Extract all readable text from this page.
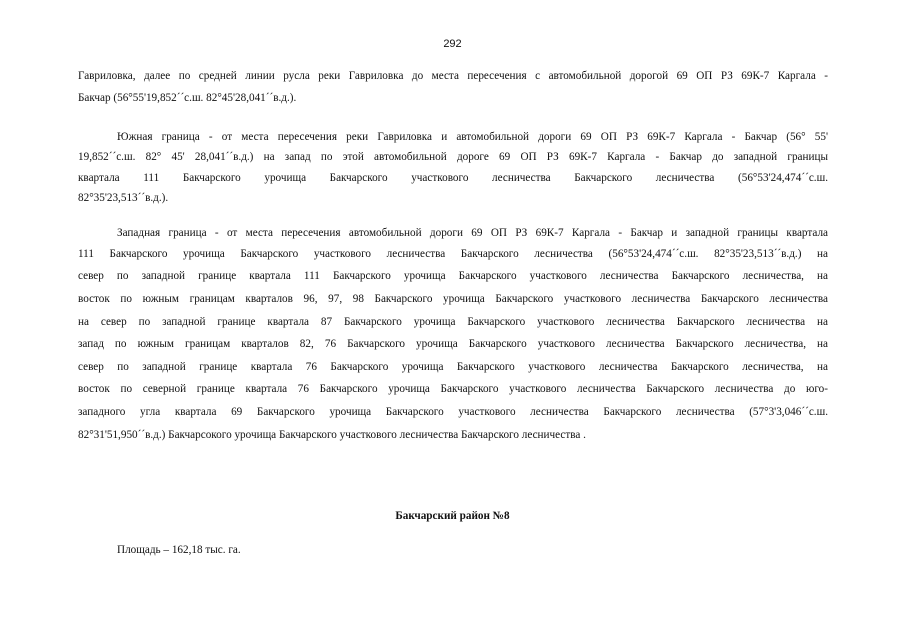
292
Гавриловка, далее по средней линии русла реки Гавриловка до места пересечения с автомобильной дорогой 69 ОП РЗ 69К-7 Каргала -
Бакчар (56°55'19,852´´с.ш. 82°45'28,041´´в.д.).
Южная граница - от места пересечения реки Гавриловка и автомобильной дороги 69 ОП РЗ 69К-7 Каргала - Бакчар (56° 55'
19,852´´с.ш. 82° 45' 28,041´´в.д.) на запад по этой автомобильной дороге 69 ОП РЗ 69К-7 Каргала - Бакчар до западной границы
квартала 111 Бакчарского урочища Бакчарского участкового лесничества Бакчарского лесничества (56°53'24,474´´с.ш.
82°35'23,513´´в.д.).
Западная граница - от места пересечения автомобильной дороги 69 ОП РЗ 69К-7 Каргала - Бакчар и западной границы квартала
111 Бакчарского урочища Бакчарского участкового лесничества Бакчарского лесничества (56°53'24,474´´с.ш. 82°35'23,513´´в.д.) на
север по западной границе квартала 111 Бакчарского урочища Бакчарского участкового лесничества Бакчарского лесничества, на
восток по южным границам кварталов 96, 97, 98 Бакчарского урочища Бакчарского участкового лесничества Бакчарского лесничества
на север по западной границе квартала 87 Бакчарского урочища Бакчарского участкового лесничества Бакчарского лесничества на
запад по южным границам кварталов 82, 76 Бакчарского урочища Бакчарского участкового лесничества Бакчарского лесничества, на
север по западной границе квартала 76 Бакчарского урочища Бакчарского участкового лесничества Бакчарского лесничества, на
восток по северной границе квартала 76 Бакчарского урочища Бакчарского участкового лесничества Бакчарского лесничества до юго-
западного угла квартала 69 Бакчарского урочища Бакчарского участкового лесничества Бакчарского лесничества (57°3'3,046´´с.ш.
82°31'51,950´´в.д.) Бакчарсокого урочища Бакчарского участкового лесничества Бакчарского лесничества .
Бакчарский район №8
Площадь – 162,18 тыс. га.
